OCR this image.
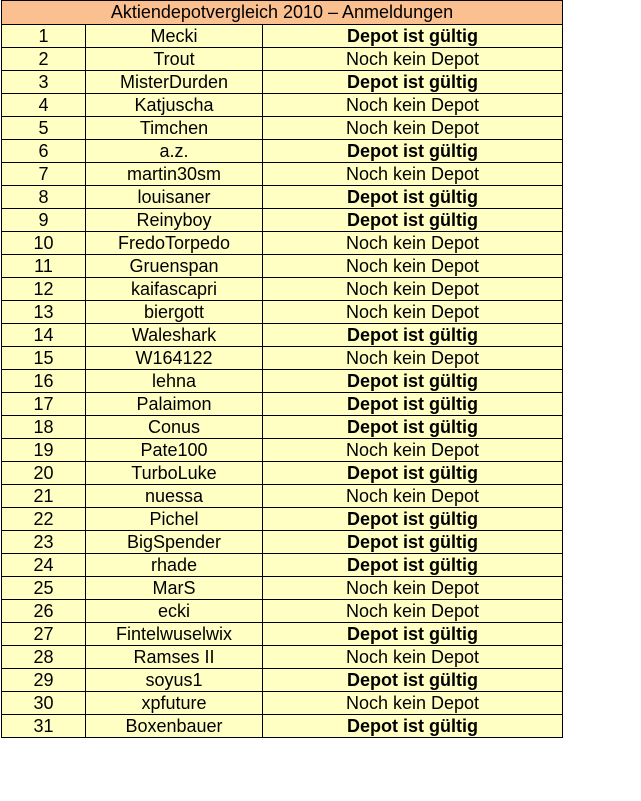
Aktiendepotvergleich 2010 – Anmeldungen		
1	Mecki	Depot ist gültig
2	Trout	Noch kein Depot
3	MisterDurden	Depot ist gültig
4	Katjuscha	Noch kein Depot
5	Timchen	Noch kein Depot
6	a.z.	Depot ist gültig
7	martin30sm	Noch kein Depot
8	louisaner	Depot ist gültig
9	Reinyboy	Depot ist gültig
10	FredoTorpedo	Noch kein Depot
11	Gruenspan	Noch kein Depot
12	kaifascapri	Noch kein Depot
13	biergott	Noch kein Depot
14	Waleshark	Depot ist gültig
15	W164122	Noch kein Depot
16	lehna	Depot ist gültig
17	Palaimon	Depot ist gültig
18	Conus	Depot ist gültig
19	Pate100	Noch kein Depot
20	TurboLuke	Depot ist gültig
21	nuessa	Noch kein Depot
22	Pichel	Depot ist gültig
23	BigSpender	Depot ist gültig
24	rhade	Depot ist gültig
25	MarS	Noch kein Depot
26	ecki	Noch kein Depot
27	Fintelwuselwix	Depot ist gültig
28	Ramses II	Noch kein Depot
29	soyus1	Depot ist gültig
30	xpfuture	Noch kein Depot
31	Boxenbauer	Depot ist gültig
